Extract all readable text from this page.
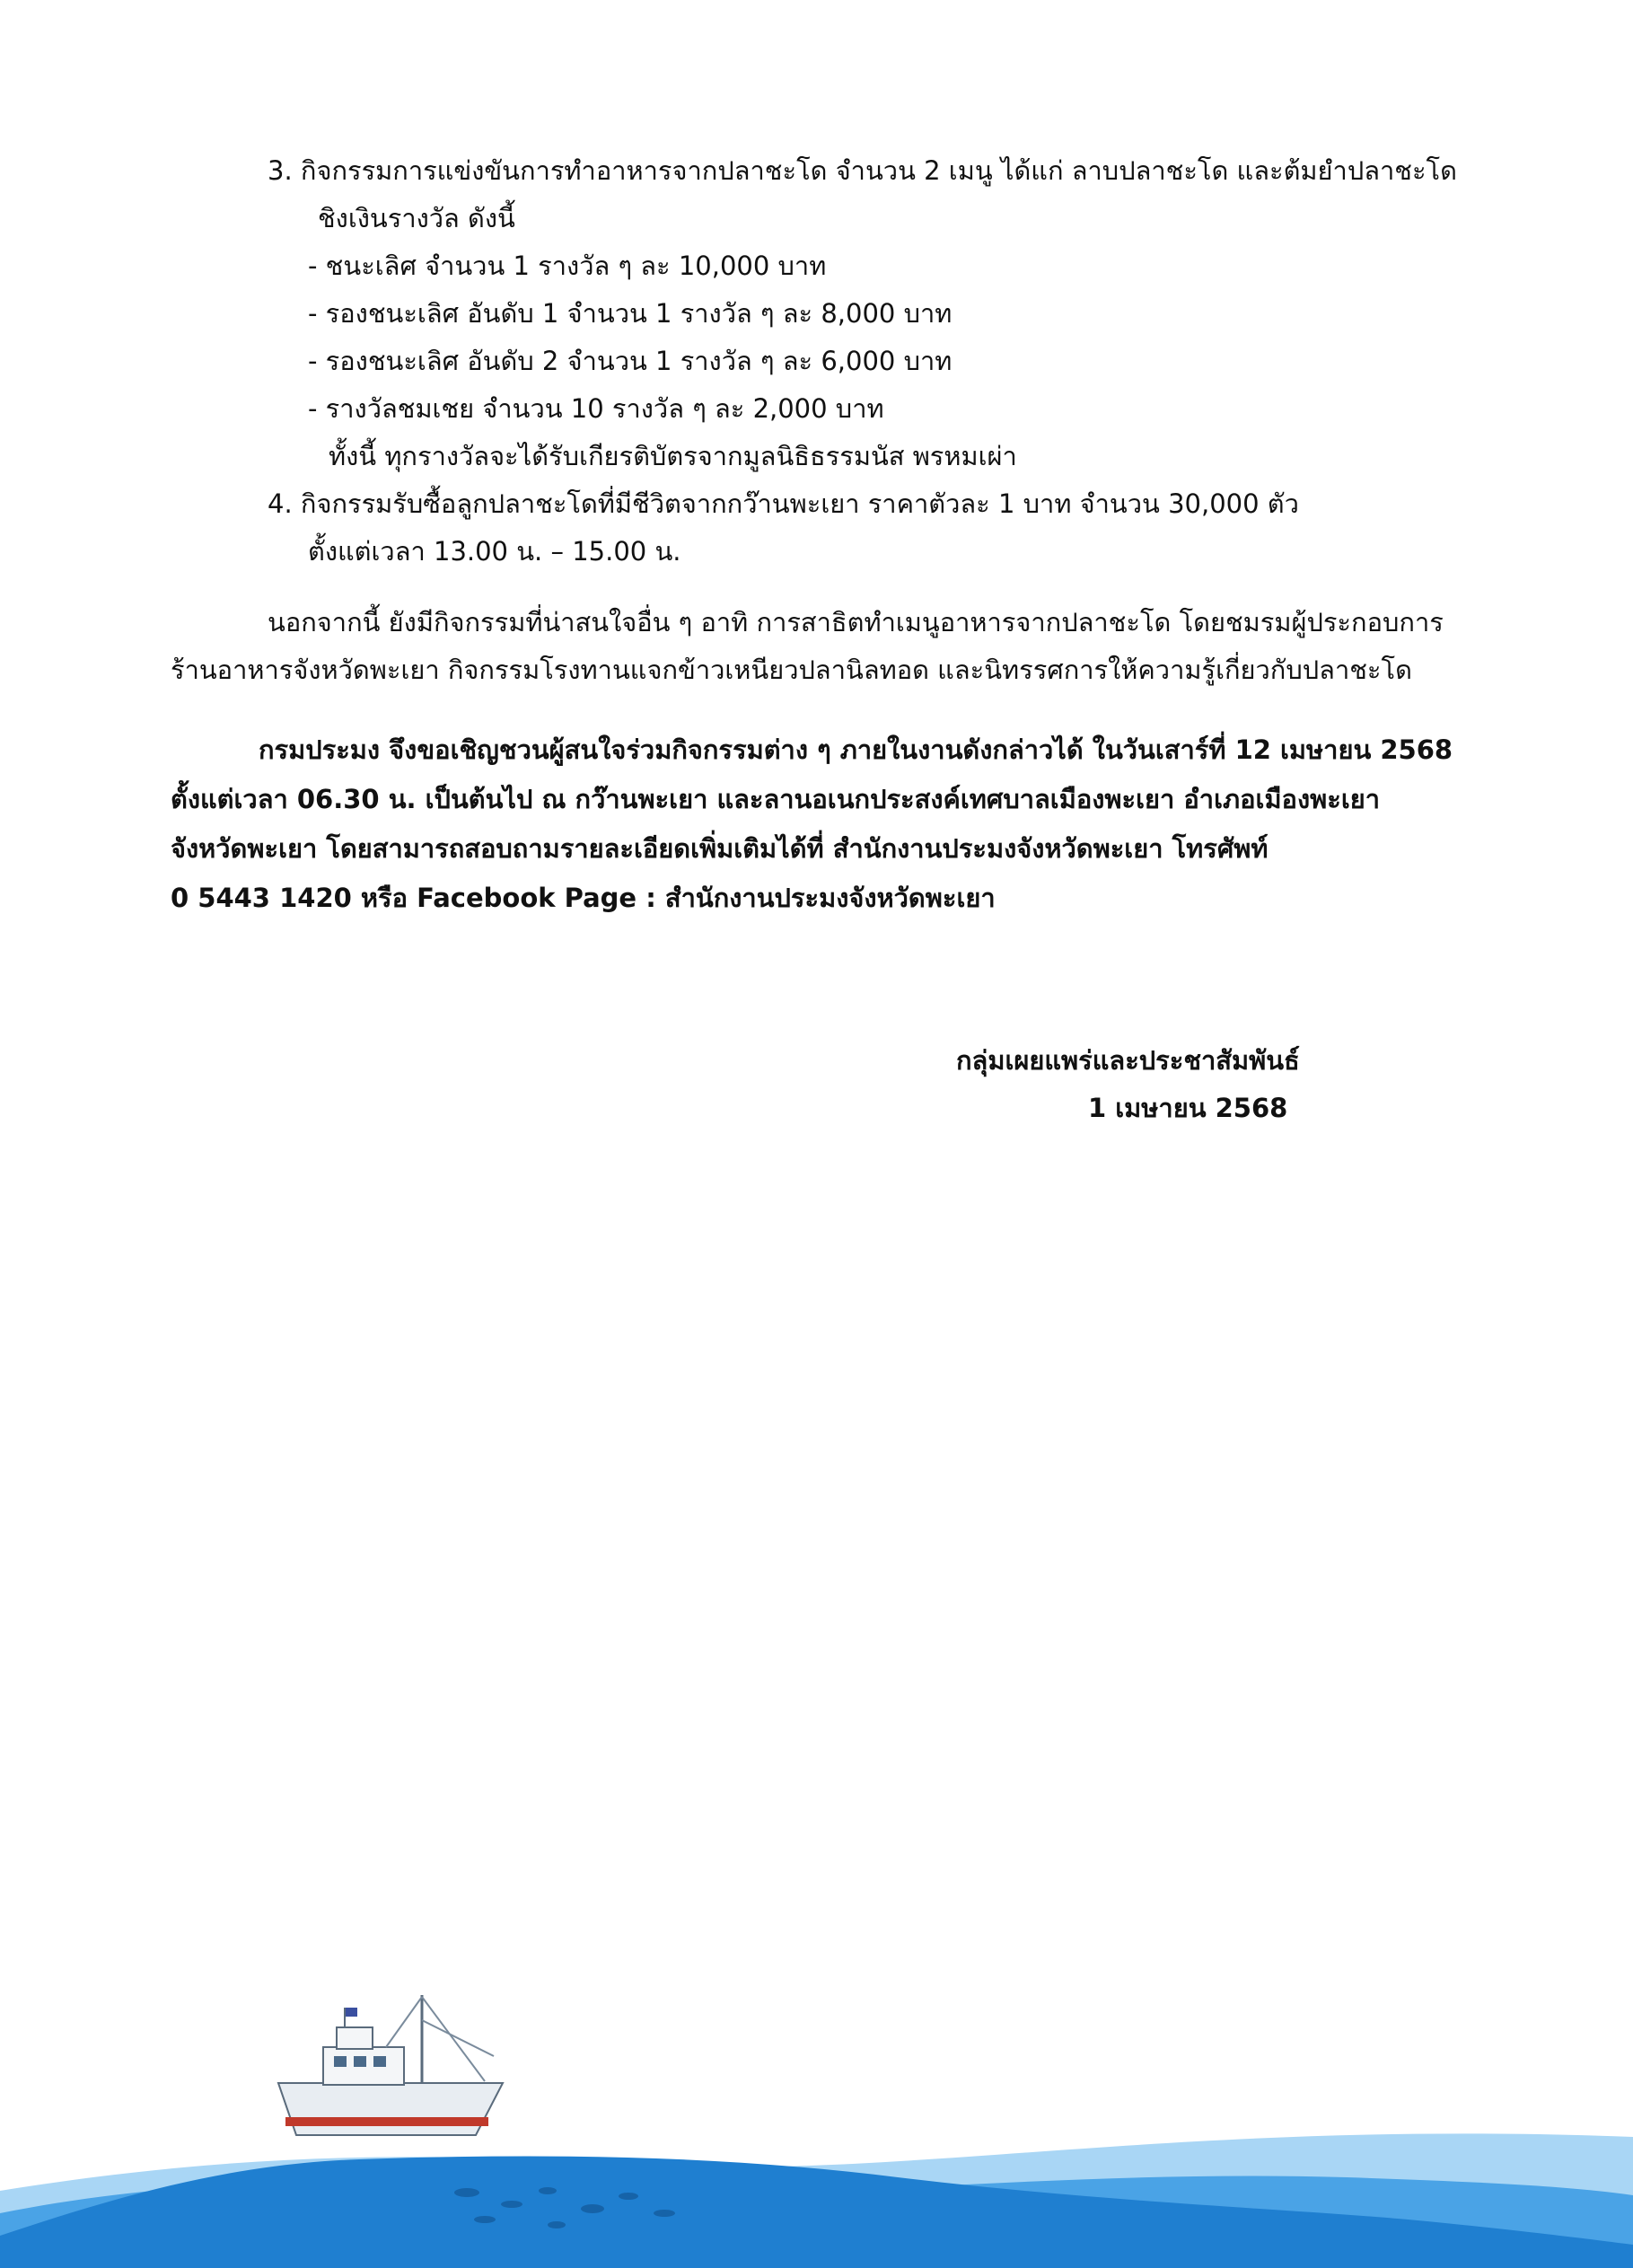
3. กิจกรรมการแข่งขันการทำอาหารจากปลาชะโด จำนวน 2 เมนู ได้แก่ ลาบปลาชะโด และต้มยำปลาชะโด
ชิงเงินรางวัล ดังนี้
- ชนะเลิศ จำนวน 1 รางวัล ๆ ละ 10,000 บาท
- รองชนะเลิศ อันดับ 1 จำนวน 1 รางวัล ๆ ละ 8,000 บาท
- รองชนะเลิศ อันดับ 2 จำนวน 1 รางวัล ๆ ละ 6,000 บาท
- รางวัลชมเชย จำนวน 10 รางวัล ๆ ละ 2,000 บาท
ทั้งนี้ ทุกรางวัลจะได้รับเกียรติบัตรจากมูลนิธิธรรมนัส พรหมเผ่า
4. กิจกรรมรับซื้อลูกปลาชะโดที่มีชีวิตจากกว๊านพะเยา ราคาตัวละ 1 บาท จำนวน 30,000 ตัว
ตั้งแต่เวลา 13.00 น. – 15.00 น.
นอกจากนี้ ยังมีกิจกรรมที่น่าสนใจอื่น ๆ อาทิ การสาธิตทำเมนูอาหารจากปลาชะโด โดยชมรมผู้ประกอบการ
ร้านอาหารจังหวัดพะเยา กิจกรรมโรงทานแจกข้าวเหนียวปลานิลทอด และนิทรรศการให้ความรู้เกี่ยวกับปลาชะโด
กรมประมง จึงขอเชิญชวนผู้สนใจร่วมกิจกรรมต่าง ๆ ภายในงานดังกล่าวได้ ในวันเสาร์ที่ 12 เมษายน 2568
ตั้งแต่เวลา 06.30 น. เป็นต้นไป ณ กว๊านพะเยา และลานอเนกประสงค์เทศบาลเมืองพะเยา อำเภอเมืองพะเยา
จังหวัดพะเยา โดยสามารถสอบถามรายละเอียดเพิ่มเติมได้ที่ สำนักงานประมงจังหวัดพะเยา โทรศัพท์
0 5443 1420 หรือ Facebook Page : สำนักงานประมงจังหวัดพะเยา
กลุ่มเผยแพร่และประชาสัมพันธ์
1 เมษายน 2568
